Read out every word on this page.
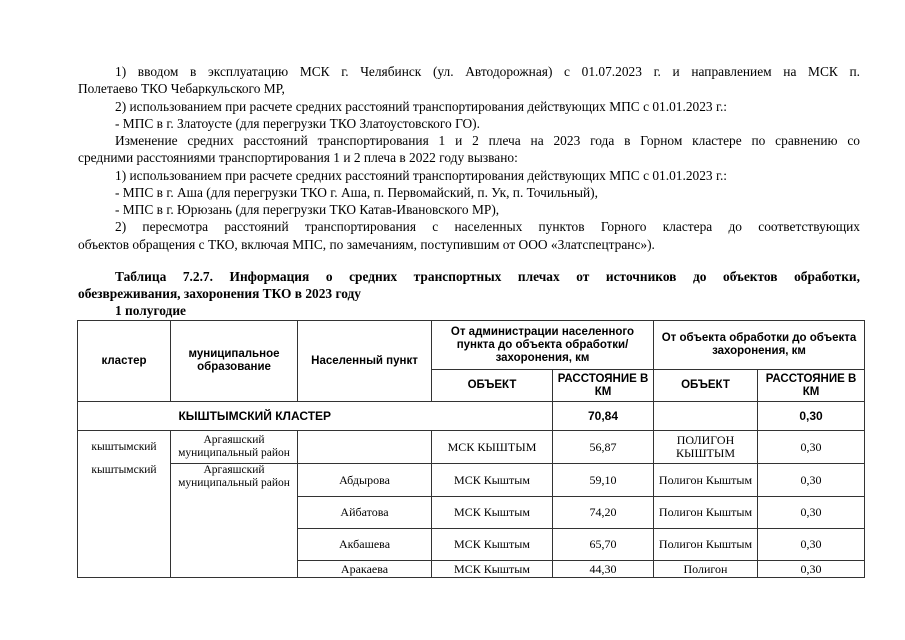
1) вводом в эксплуатацию МСК г. Челябинск (ул. Автодорожная) с 01.07.2023 г. и направлением на МСК п.
Полетаево ТКО Чебаркульского МР,
2) использованием при расчете средних расстояний транспортирования действующих МПС с 01.01.2023 г.:
- МПС в г. Златоусте (для перегрузки ТКО Златоустовского ГО).
Изменение средних расстояний транспортирования 1 и 2 плеча на 2023 года в Горном кластере по сравнению со
средними расстояниями транспортирования 1 и 2 плеча в 2022 году вызвано:
1) использованием при расчете средних расстояний транспортирования действующих МПС с 01.01.2023 г.:
- МПС в г. Аша (для перегрузки ТКО г. Аша, п. Первомайский, п. Ук, п. Точильный),
- МПС в г. Юрюзань (для перегрузки ТКО Катав-Ивановского МР),
2) пересмотра расстояний транспортирования с населенных пунктов Горного кластера до соответствующих
объектов обращения с ТКО, включая МПС, по замечаниям, поступившим от ООО «Златспецтранс»).
Таблица 7.2.7. Информация о средних транспортных плечах от источников до объектов обработки,
обезвреживания, захоронения ТКО в 2023 году
1 полугодие
кластер	муниципальное образование	Населенный пункт	От администрации населенного пункта до объекта обработки/ захоронения, км		От объекта обработки до объекта захоронения, км	
			ОБЪЕКТ	РАССТОЯНИЕ В КМ	ОБЪЕКТ	РАССТОЯНИЕ В КМ
КЫШТЫМСКИЙ КЛАСТЕР				70,84		0,30
кыштымский	Аргаяшский муниципальный район		МСК КЫШТЫМ	56,87	ПОЛИГОН КЫШТЫМ	0,30
кыштымский	Аргаяшский муниципальный район	Абдырова	МСК Кыштым	59,10	Полигон Кыштым	0,30
		Айбатова	МСК Кыштым	74,20	Полигон Кыштым	0,30
		Акбашева	МСК Кыштым	65,70	Полигон Кыштым	0,30
		Аракаева	МСК Кыштым	44,30	Полигон	0,30
